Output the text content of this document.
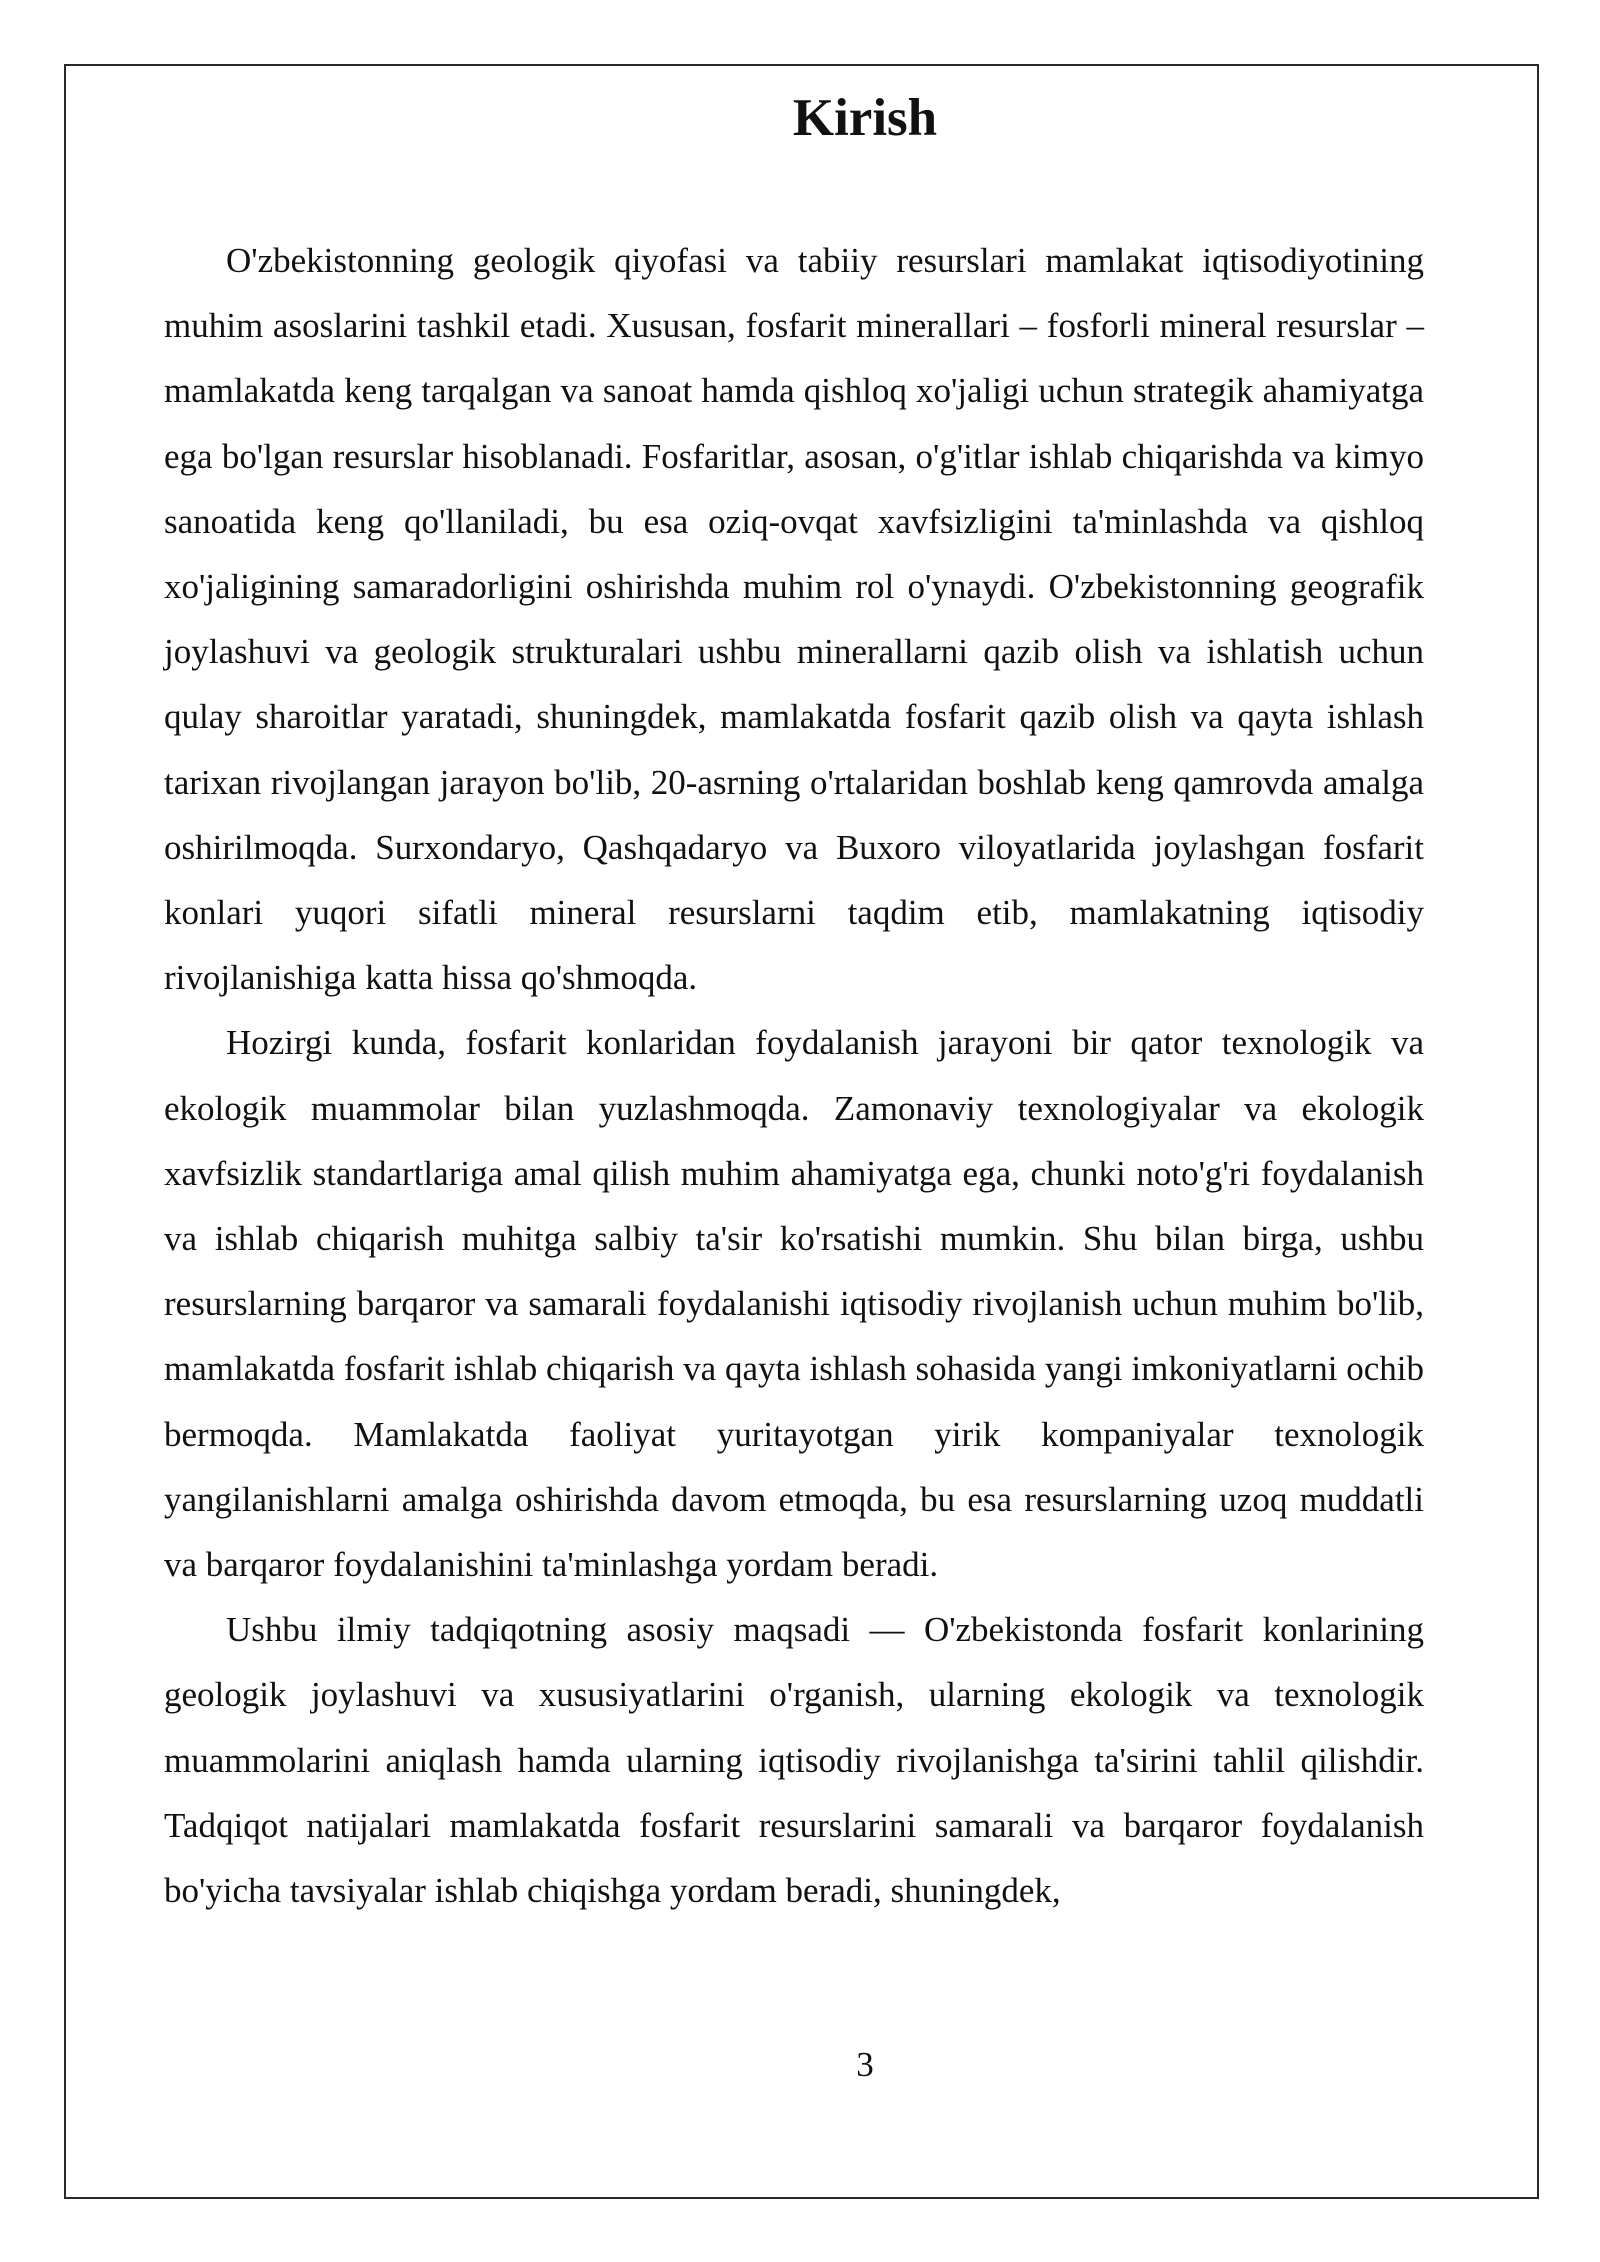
Kirish

O'zbekistonning geologik qiyofasi va tabiiy resurslari mamlakat iqtisodiyotining muhim asoslarini tashkil etadi. Xususan, fosfarit minerallari – fosforli mineral resurslar – mamlakatda keng tarqalgan va sanoat hamda qishloq xo'jaligi uchun strategik ahamiyatga ega bo'lgan resurslar hisoblanadi. Fosfaritlar, asosan, o'g'itlar ishlab chiqarishda va kimyo sanoatida keng qo'llaniladi, bu esa oziq-ovqat xavfsizligini ta'minlashda va qishloq xo'jaligining samaradorligini oshirishda muhim rol o'ynaydi. O'zbekistonning geografik joylashuvi va geologik strukturalari ushbu minerallarni qazib olish va ishlatish uchun qulay sharoitlar yaratadi, shuningdek, mamlakatda fosfarit qazib olish va qayta ishlash tarixan rivojlangan jarayon bo'lib, 20-asrning o'rtalaridan boshlab keng qamrovda amalga oshirilmoqda. Surxondaryo, Qashqadaryo va Buxoro viloyatlarida joylashgan fosfarit konlari yuqori sifatli mineral resurslarni taqdim etib, mamlakatning iqtisodiy rivojlanishiga katta hissa qo'shmoqda.

Hozirgi kunda, fosfarit konlaridan foydalanish jarayoni bir qator texnologik va ekologik muammolar bilan yuzlashmoqda. Zamonaviy texnologiyalar va ekologik xavfsizlik standartlariga amal qilish muhim ahamiyatga ega, chunki noto'g'ri foydalanish va ishlab chiqarish muhitga salbiy ta'sir ko'rsatishi mumkin. Shu bilan birga, ushbu resurslarning barqaror va samarali foydalanishi iqtisodiy rivojlanish uchun muhim bo'lib, mamlakatda fosfarit ishlab chiqarish va qayta ishlash sohasida yangi imkoniyatlarni ochib bermoqda. Mamlakatda faoliyat yuritayotgan yirik kompaniyalar texnologik yangilanishlarni amalga oshirishda davom etmoqda, bu esa resurslarning uzoq muddatli va barqaror foydalanishini ta'minlashga yordam beradi.

Ushbu ilmiy tadqiqotning asosiy maqsadi — O'zbekistonda fosfarit konlarining geologik joylashuvi va xususiyatlarini o'rganish, ularning ekologik va texnologik muammolarini aniqlash hamda ularning iqtisodiy rivojlanishga ta'sirini tahlil qilishdir. Tadqiqot natijalari mamlakatda fosfarit resurslarini samarali va barqaror foydalanish bo'yicha tavsiyalar ishlab chiqishga yordam beradi, shuningdek,

3
